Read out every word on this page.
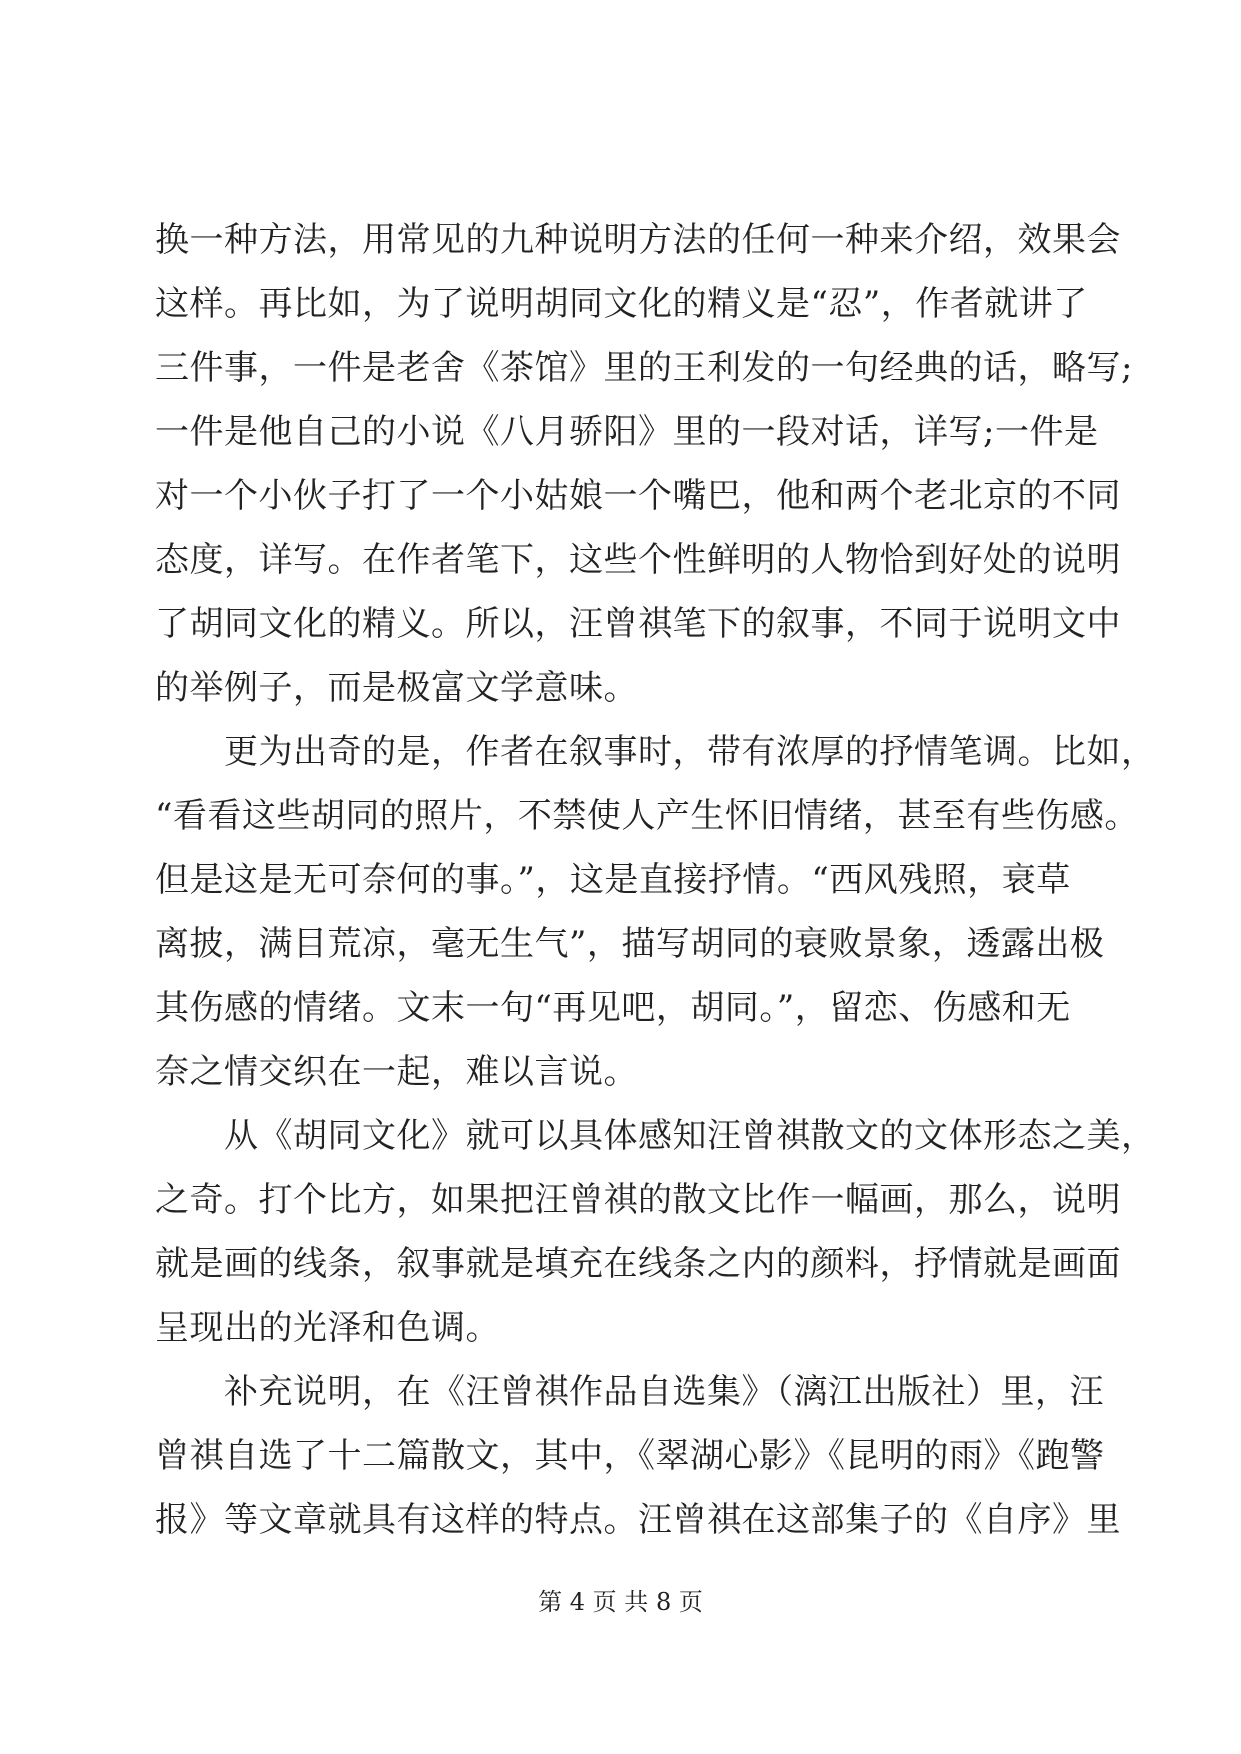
换一种方法，用常见的九种说明方法的任何一种来介绍，效果会
这样。再比如，为了说明胡同文化的精义是“忍”，作者就讲了
三件事，一件是老舍《茶馆》里的王利发的一句经典的话，略写;
一件是他自己的小说《八月骄阳》里的一段对话，详写;一件是
对一个小伙子打了一个小姑娘一个嘴巴，他和两个老北京的不同
态度，详写。在作者笔下，这些个性鲜明的人物恰到好处的说明
了胡同文化的精义。所以，汪曾祺笔下的叙事，不同于说明文中
的举例子，而是极富文学意味。
　　更为出奇的是，作者在叙事时，带有浓厚的抒情笔调。比如，
“看看这些胡同的照片，不禁使人产生怀旧情绪，甚至有些伤感。
但是这是无可奈何的事。”，这是直接抒情。“西风残照，衰草
离披，满目荒凉，毫无生气”，描写胡同的衰败景象，透露出极
其伤感的情绪。文末一句“再见吧，胡同。”，留恋、伤感和无
奈之情交织在一起，难以言说。
　　从《胡同文化》就可以具体感知汪曾祺散文的文体形态之美，
之奇。打个比方，如果把汪曾祺的散文比作一幅画，那么，说明
就是画的线条，叙事就是填充在线条之内的颜料，抒情就是画面
呈现出的光泽和色调。
　　补充说明，在《汪曾祺作品自选集》（漓江出版社）里，汪
曾祺自选了十二篇散文，其中，《翠湖心影》《昆明的雨》《跑警
报》等文章就具有这样的特点。汪曾祺在这部集子的《自序》里
第 4 页 共 8 页
